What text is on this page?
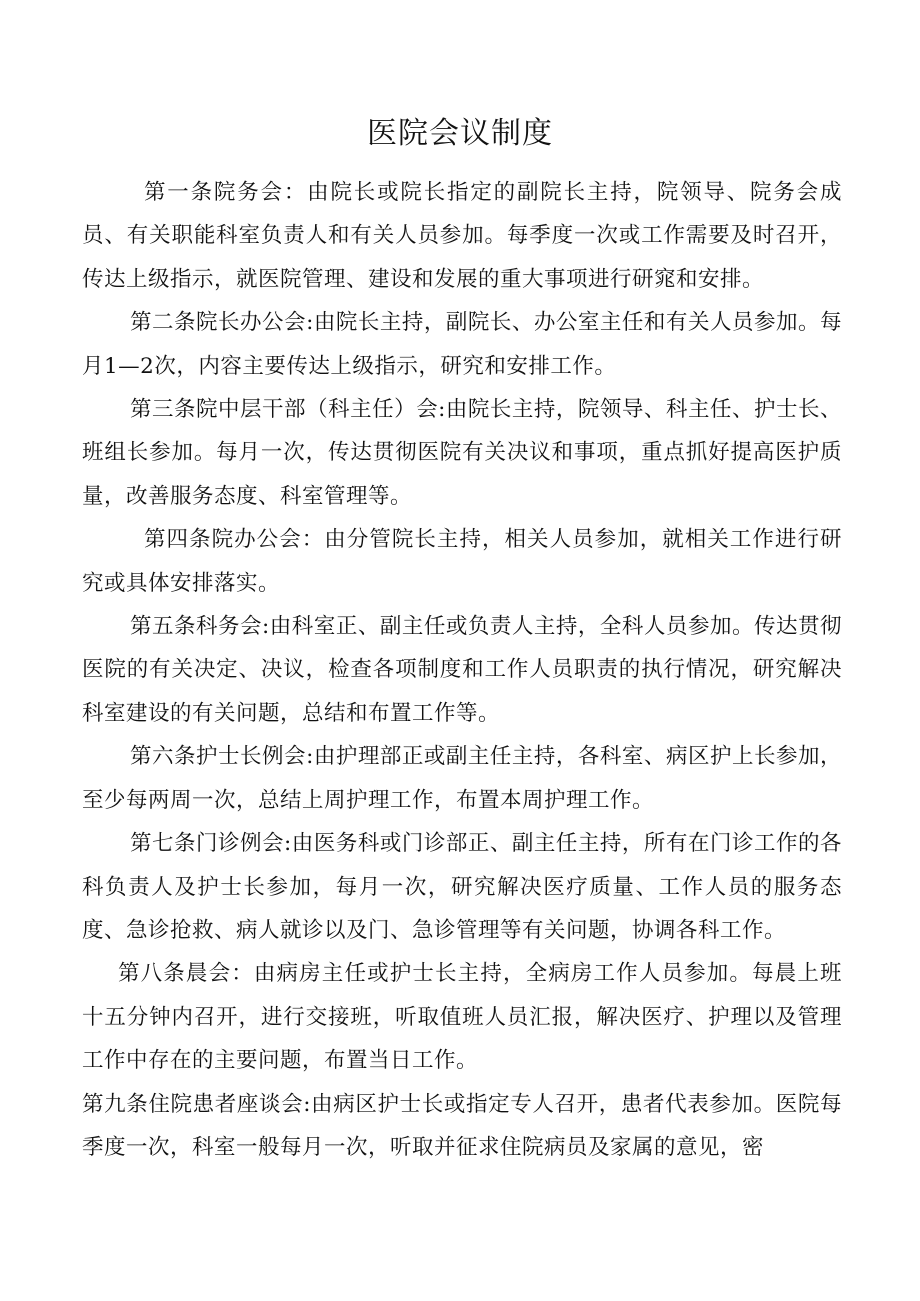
医院会议制度

第一条院务会：由院长或院长指定的副院长主持，院领导、院务会成员、有关职能科室负责人和有关人员参加。每季度一次或工作需要及时召开，传达上级指示，就医院管理、建设和发展的重大事项进行研窕和安排。

第二条院长办公会:由院长主持，副院长、办公室主任和有关人员参加。每月1—2次，内容主要传达上级指示，研究和安排工作。

第三条院中层干部（科主任）会:由院长主持，院领导、科主任、护士长、班组长参加。每月一次，传达贯彻医院有关决议和事项，重点抓好提高医护质量，改善服务态度、科室管理等。

第四条院办公会：由分管院长主持，相关人员参加，就相关工作进行研究或具体安排落实。

第五条科务会:由科室正、副主任或负责人主持，全科人员参加。传达贯彻医院的有关决定、决议，检查各项制度和工作人员职责的执行情况，研究解决科室建设的有关问题，总结和布置工作等。

第六条护士长例会:由护理部正或副主任主持，各科室、病区护上长参加，至少每两周一次，总结上周护理工作，布置本周护理工作。

第七条门诊例会:由医务科或门诊部正、副主任主持，所有在门诊工作的各科负责人及护士长参加，每月一次，研究解决医疗质量、工作人员的服务态度、急诊抢救、病人就诊以及门、急诊管理等有关问题，协调各科工作。

第八条晨会：由病房主任或护士长主持，全病房工作人员参加。每晨上班十五分钟内召开，进行交接班，听取值班人员汇报，解决医疗、护理以及管理工作中存在的主要问题，布置当日工作。

第九条住院患者座谈会:由病区护士长或指定专人召开，患者代表参加。医院每季度一次，科室一般每月一次，听取并征求住院病员及家属的意见，密
